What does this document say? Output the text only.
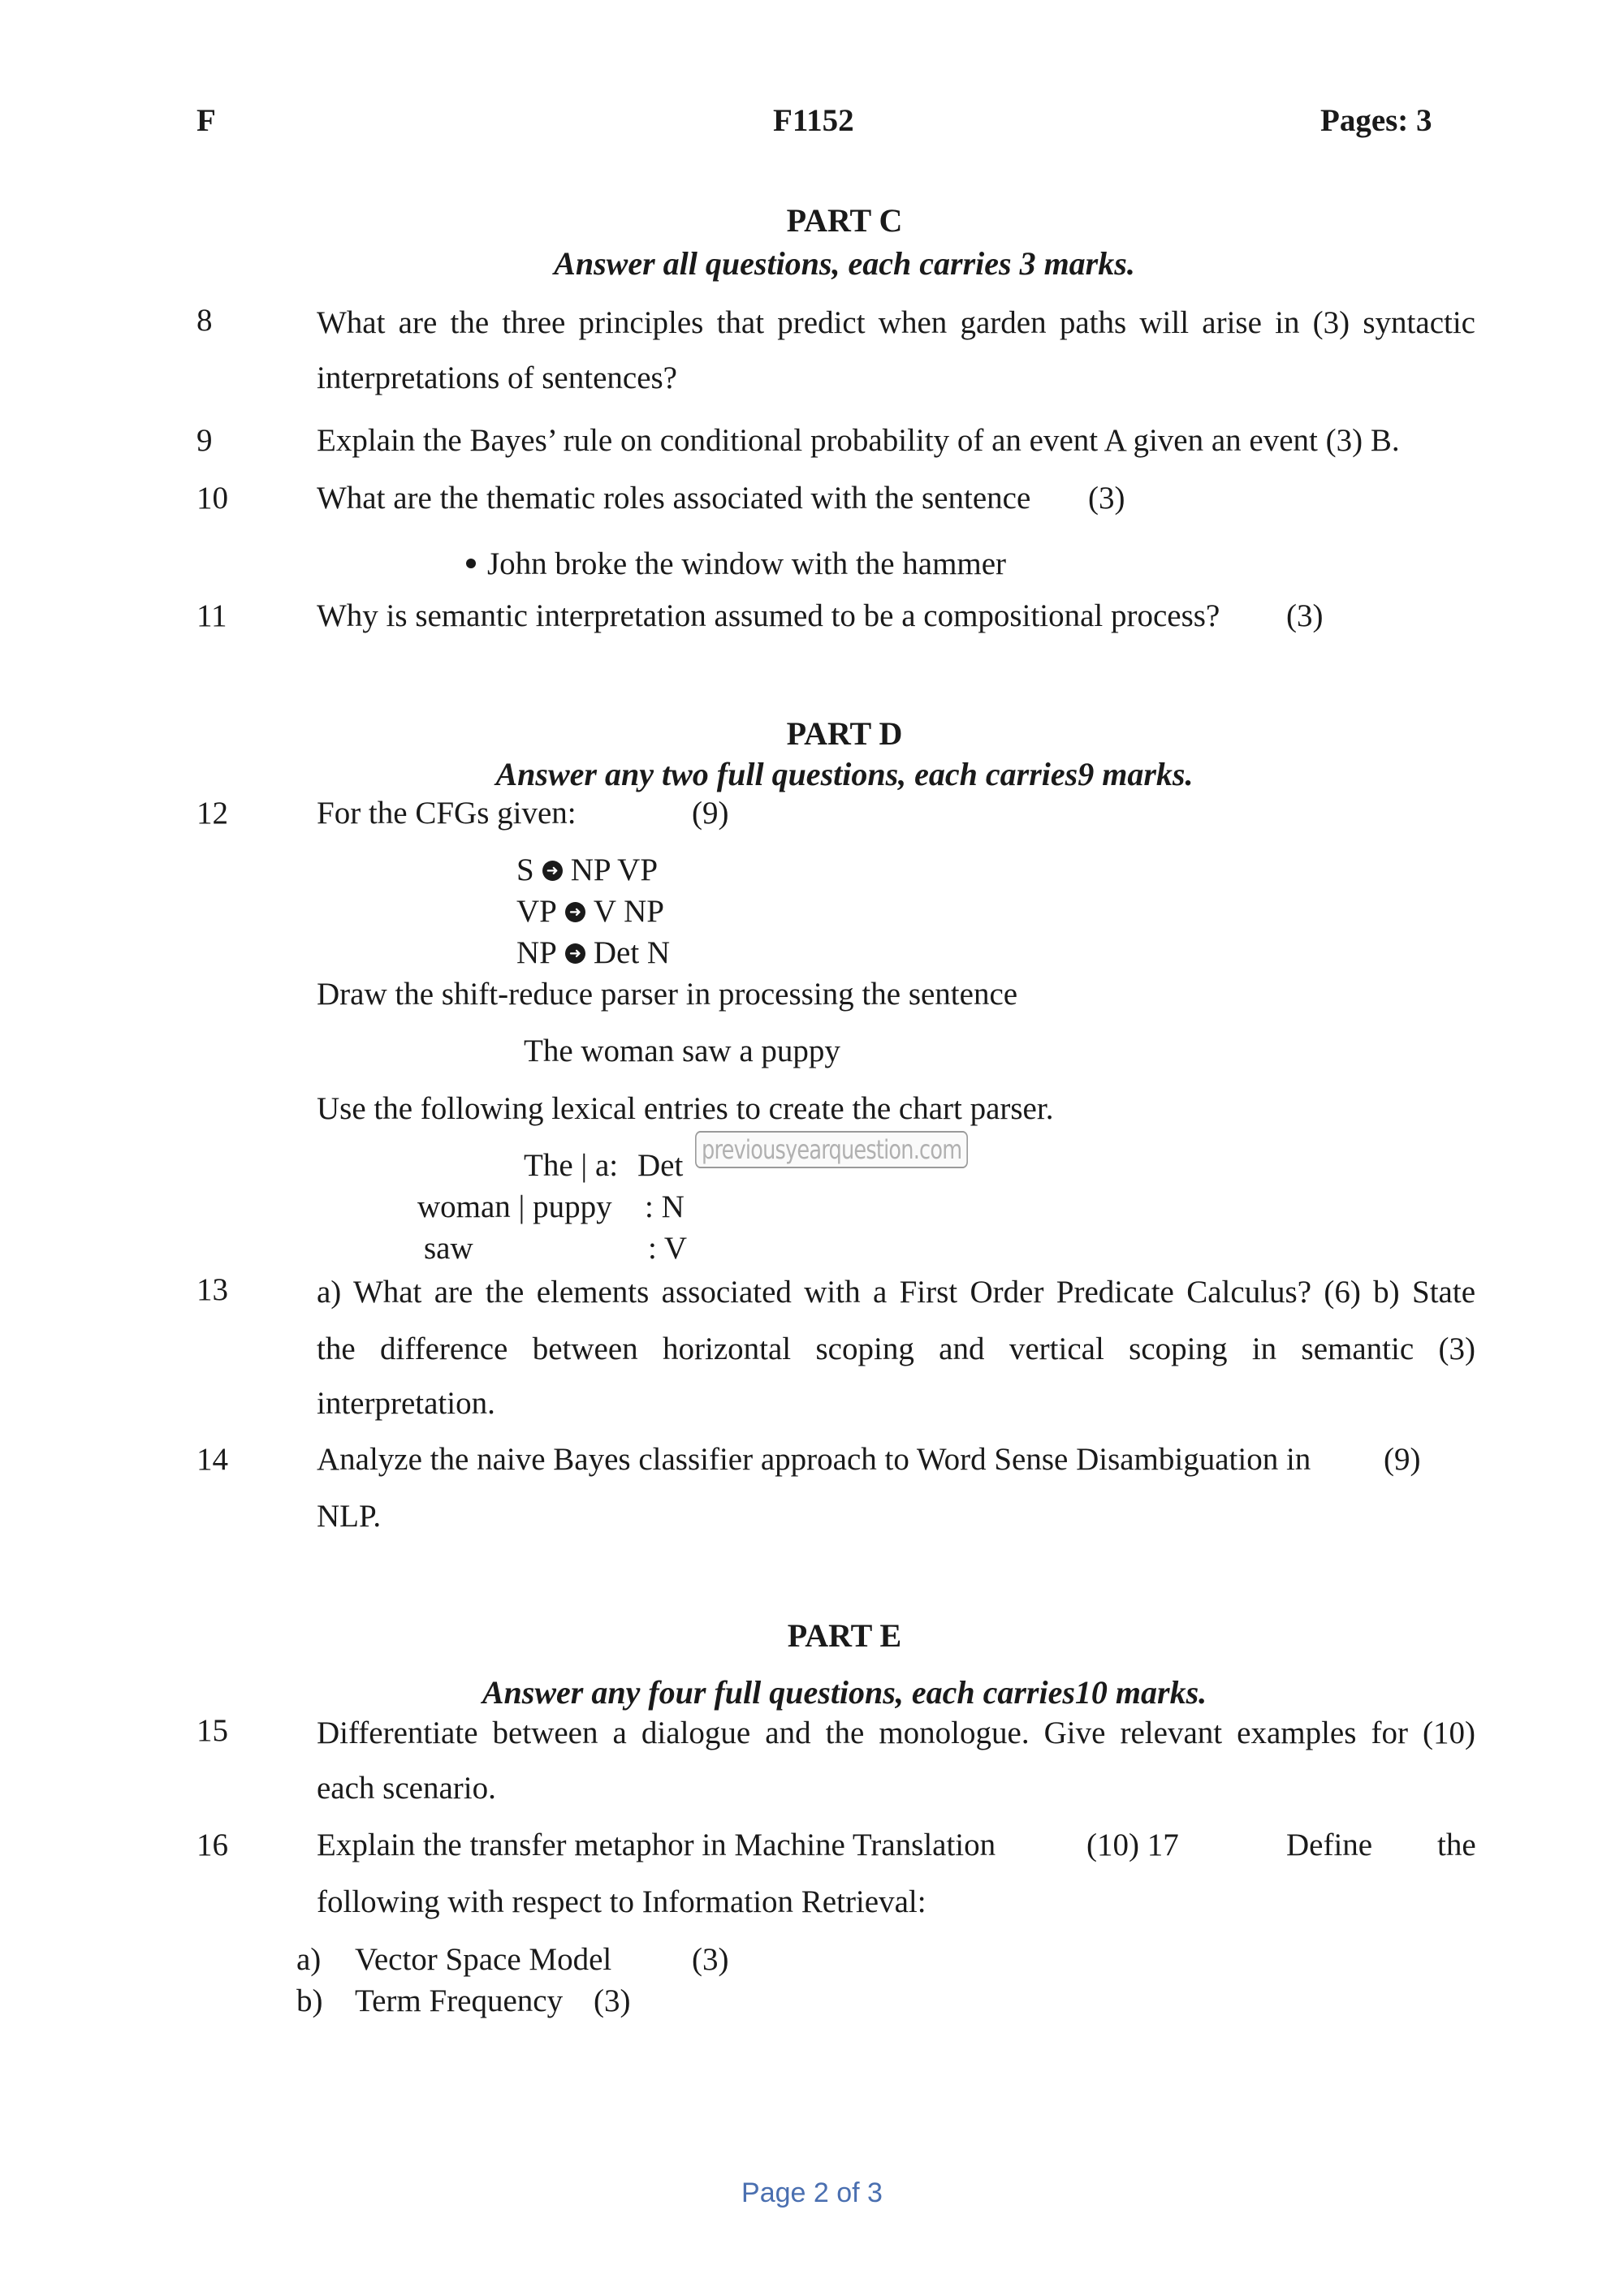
F	F1152	Pages: 3
PART C
Answer all questions, each carries 3 marks.
8	What are the three principles that predict when garden paths will arise in (3) syntactic
interpretations of sentences?
9	Explain the Bayes’ rule on conditional probability of an event A given an event (3) B.
10	What are the thematic roles associated with the sentence (3)
John broke the window with the hammer
11	Why is semantic interpretation assumed to be a compositional process? (3)
PART D
Answer any two full questions, each carries9 marks.
12	For the CFGs given:	(9)
S ➜ NP VP
VP ➜ V NP
NP ➜ Det N
Draw the shift-reduce parser in processing the sentence
The woman saw a puppy
Use the following lexical entries to create the chart parser.
The | a: Det previousyearquestion.com
woman | puppy : N
saw	: V
13	a) What are the elements associated with a First Order Predicate Calculus? (6) b) State
the difference between horizontal scoping and vertical scoping in semantic (3)
interpretation.
14	Analyze the naive Bayes classifier approach to Word Sense Disambiguation in (9)
NLP.
PART E
Answer any four full questions, each carries10 marks.
15	Differentiate between a dialogue and the monologue. Give relevant examples for (10)
each scenario.
16	Explain the transfer metaphor in Machine Translation	(10) 17	Define the
following with respect to Information Retrieval:
a) Vector Space Model	(3)
b) Term Frequency (3)
Page 2 of 3
